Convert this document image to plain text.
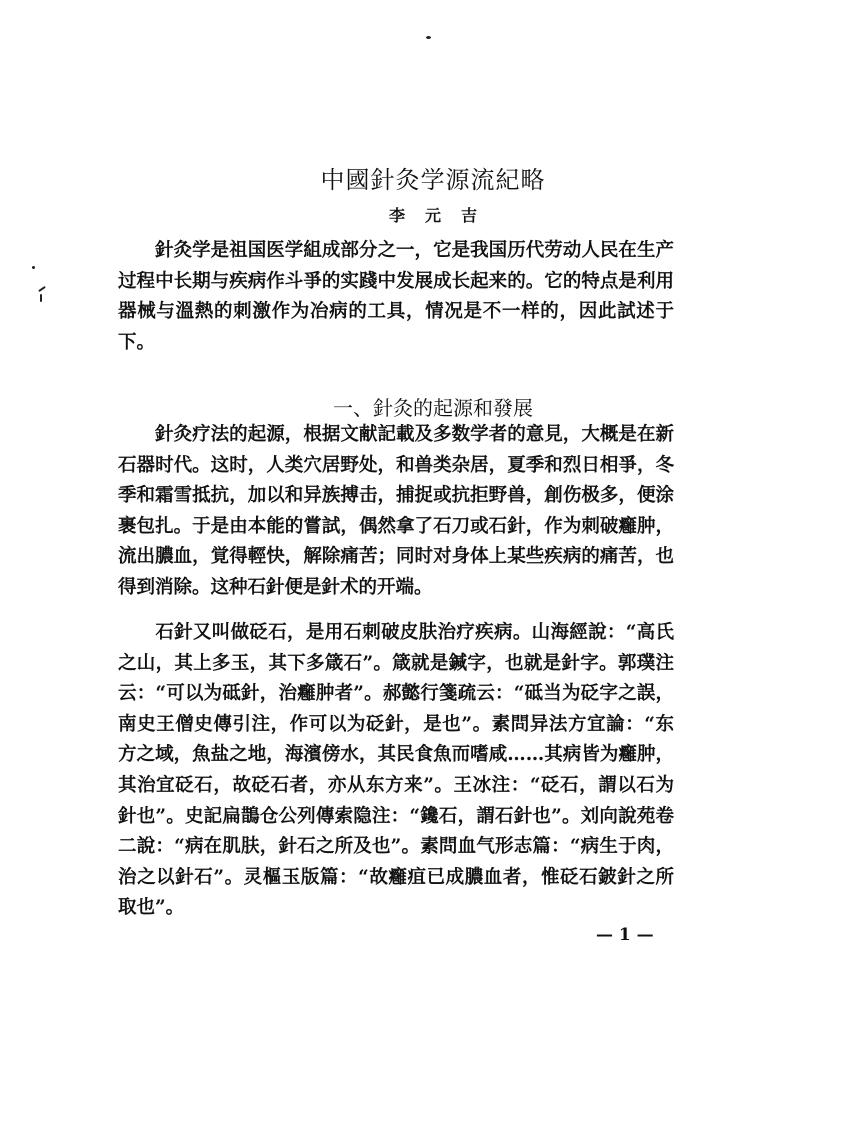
中國針灸学源流紀略
李元吉

針灸学是祖国医学組成部分之一，它是我国历代劳动人民在生产过程中长期与疾病作斗爭的实踐中发展成长起来的。它的特点是利用器械与溫熱的刺激作为冶病的工具，情况是不一样的，因此試述于下。

一、針灸的起源和發展

針灸疗法的起源，根据文献記載及多数学者的意見，大概是在新石器时代。这时，人类穴居野处，和兽类杂居，夏季和烈日相爭，冬季和霜雪抵抗，加以和异族搏击，捕捉或抗拒野兽，創伤极多，便涂裹包扎。于是由本能的嘗試，偶然拿了石刀或石針，作为刺破癰肿，流出膿血，覚得輕快，解除痛苦；同时对身体上某些疾病的痛苦，也得到消除。这种石針便是針术的开端。

石針又叫做砭石，是用石刺破皮肤治疗疾病。山海經說：“高氏之山，其上多玉，其下多箴石”。箴就是鍼字，也就是針字。郭璞注云：“可以为砥針，治癰肿者”。郝懿行箋疏云：“砥当为砭字之誤，南史王僧史傳引注，作可以为砭針，是也”。素問异法方宜論：“东方之域，魚盐之地，海濱傍水，其民食魚而嗜咸……其病皆为癰肿，其治宜砭石，故砭石者，亦从东方来”。王冰注：“砭石，謂以石为針也”。史記扁鵲仓公列傳索隐注：“鑱石，謂石針也”。刘向說苑卷二說：“病在肌肤，針石之所及也”。素問血气形志篇：“病生于肉，治之以針石”。灵樞玉版篇：“故癰疽已成膿血者，惟砭石鈹針之所取也”。

— 1 —
